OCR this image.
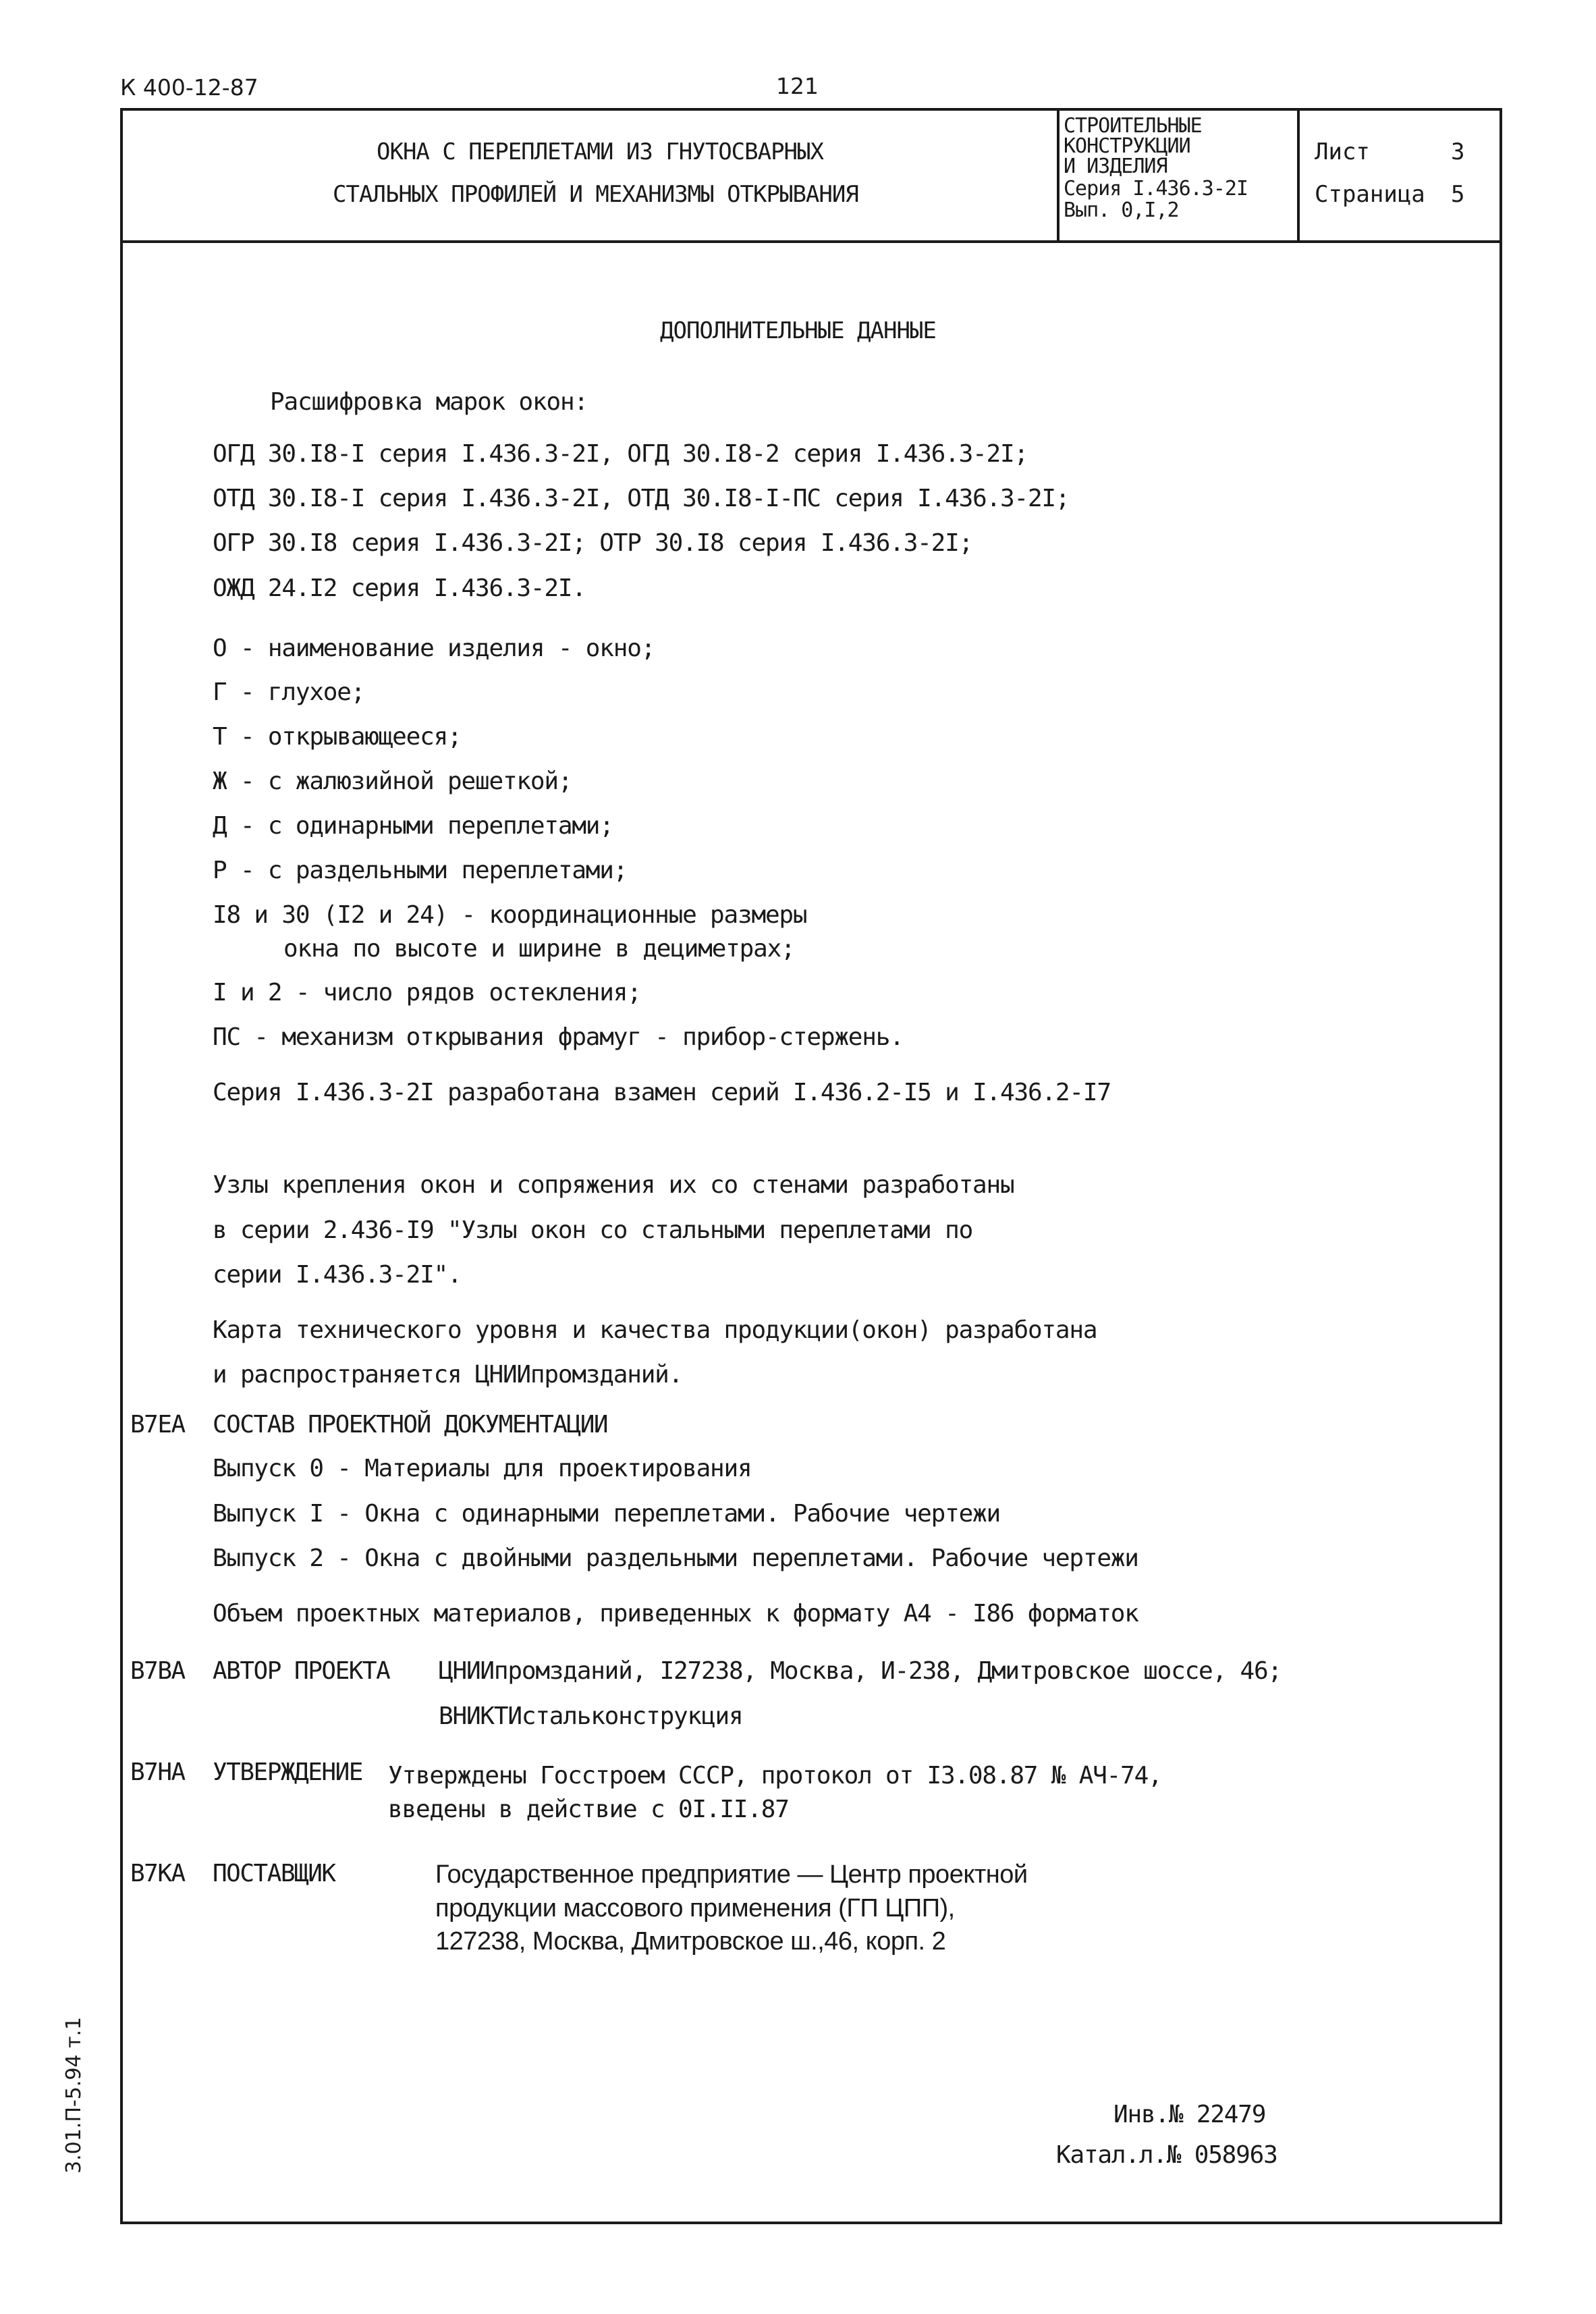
К 400-12-87	121
ОКНА С ПЕРЕПЛЕТАМИ ИЗ ГНУТОСВАРНЫХ
СТАЛЬНЫХ ПРОФИЛЕЙ И МЕХАНИЗМЫ ОТКРЫВАНИЯ
СТРОИТЕЛЬНЫЕ
КОНСТРУКЦИИ
И ИЗДЕЛИЯ
Серия I.436.3-2I
Вып. 0,I,2
Лист	3
Страница 5
ДОПОЛНИТЕЛЬНЫЕ ДАННЫЕ
Расшифровка марок окон:
ОГД 30.I8-I серия I.436.3-2I, ОГД 30.I8-2 серия I.436.3-2I;
ОТД 30.I8-I серия I.436.3-2I, ОТД 30.I8-I-ПС серия I.436.3-2I;
ОГР 30.I8 серия I.436.3-2I; ОТР 30.I8 серия I.436.3-2I;
ОЖД 24.I2 серия I.436.3-2I.
О - наименование изделия - окно;
Г - глухое;
Т - открывающееся;
Ж - с жалюзийной решеткой;
Д - с одинарными переплетами;
Р - с раздельными переплетами;
I8 и 30 (I2 и 24) - координационные размеры
окна по высоте и ширине в дециметрах;
I и 2 - число рядов остекления;
ПС - механизм открывания фрамуг - прибор-стержень.
Серия I.436.3-2I разработана взамен серий I.436.2-I5 и I.436.2-I7
Узлы крепления окон и сопряжения их со стенами разработаны
в серии 2.436-I9 "Узлы окон со стальными переплетами по
серии I.436.3-2I".
Карта технического уровня и качества продукции(окон) разработана
и распространяется ЦНИИпромзданий.
В7ЕА СОСТАВ ПРОЕКТНОЙ ДОКУМЕНТАЦИИ
Выпуск 0 - Материалы для проектирования
Выпуск I - Окна с одинарными переплетами. Рабочие чертежи
Выпуск 2 - Окна с двойными раздельными переплетами. Рабочие чертежи
Объем проектных материалов, приведенных к формату А4 - I86 форматок
В7ВА АВТОР ПРОЕКТА ЦНИИпромзданий, I27238, Москва, И-238, Дмитровское шоссе, 46;
ВНИКТИстальконструкция
В7НА УТВЕРЖДЕНИЕ Утверждены Госстроем СССР, протокол от I3.08.87 № АЧ-74,
введены в действие с 0I.II.87
В7КА ПОСТАВЩИК	Государственное предприятие — Центр проектной
продукции массового применения (ГП ЦПП),
127238, Москва, Дмитровское ш.,46, корп. 2
Инв.№ 22479
Катал.л.№ 058963
3.01.П-5.94 т.1
